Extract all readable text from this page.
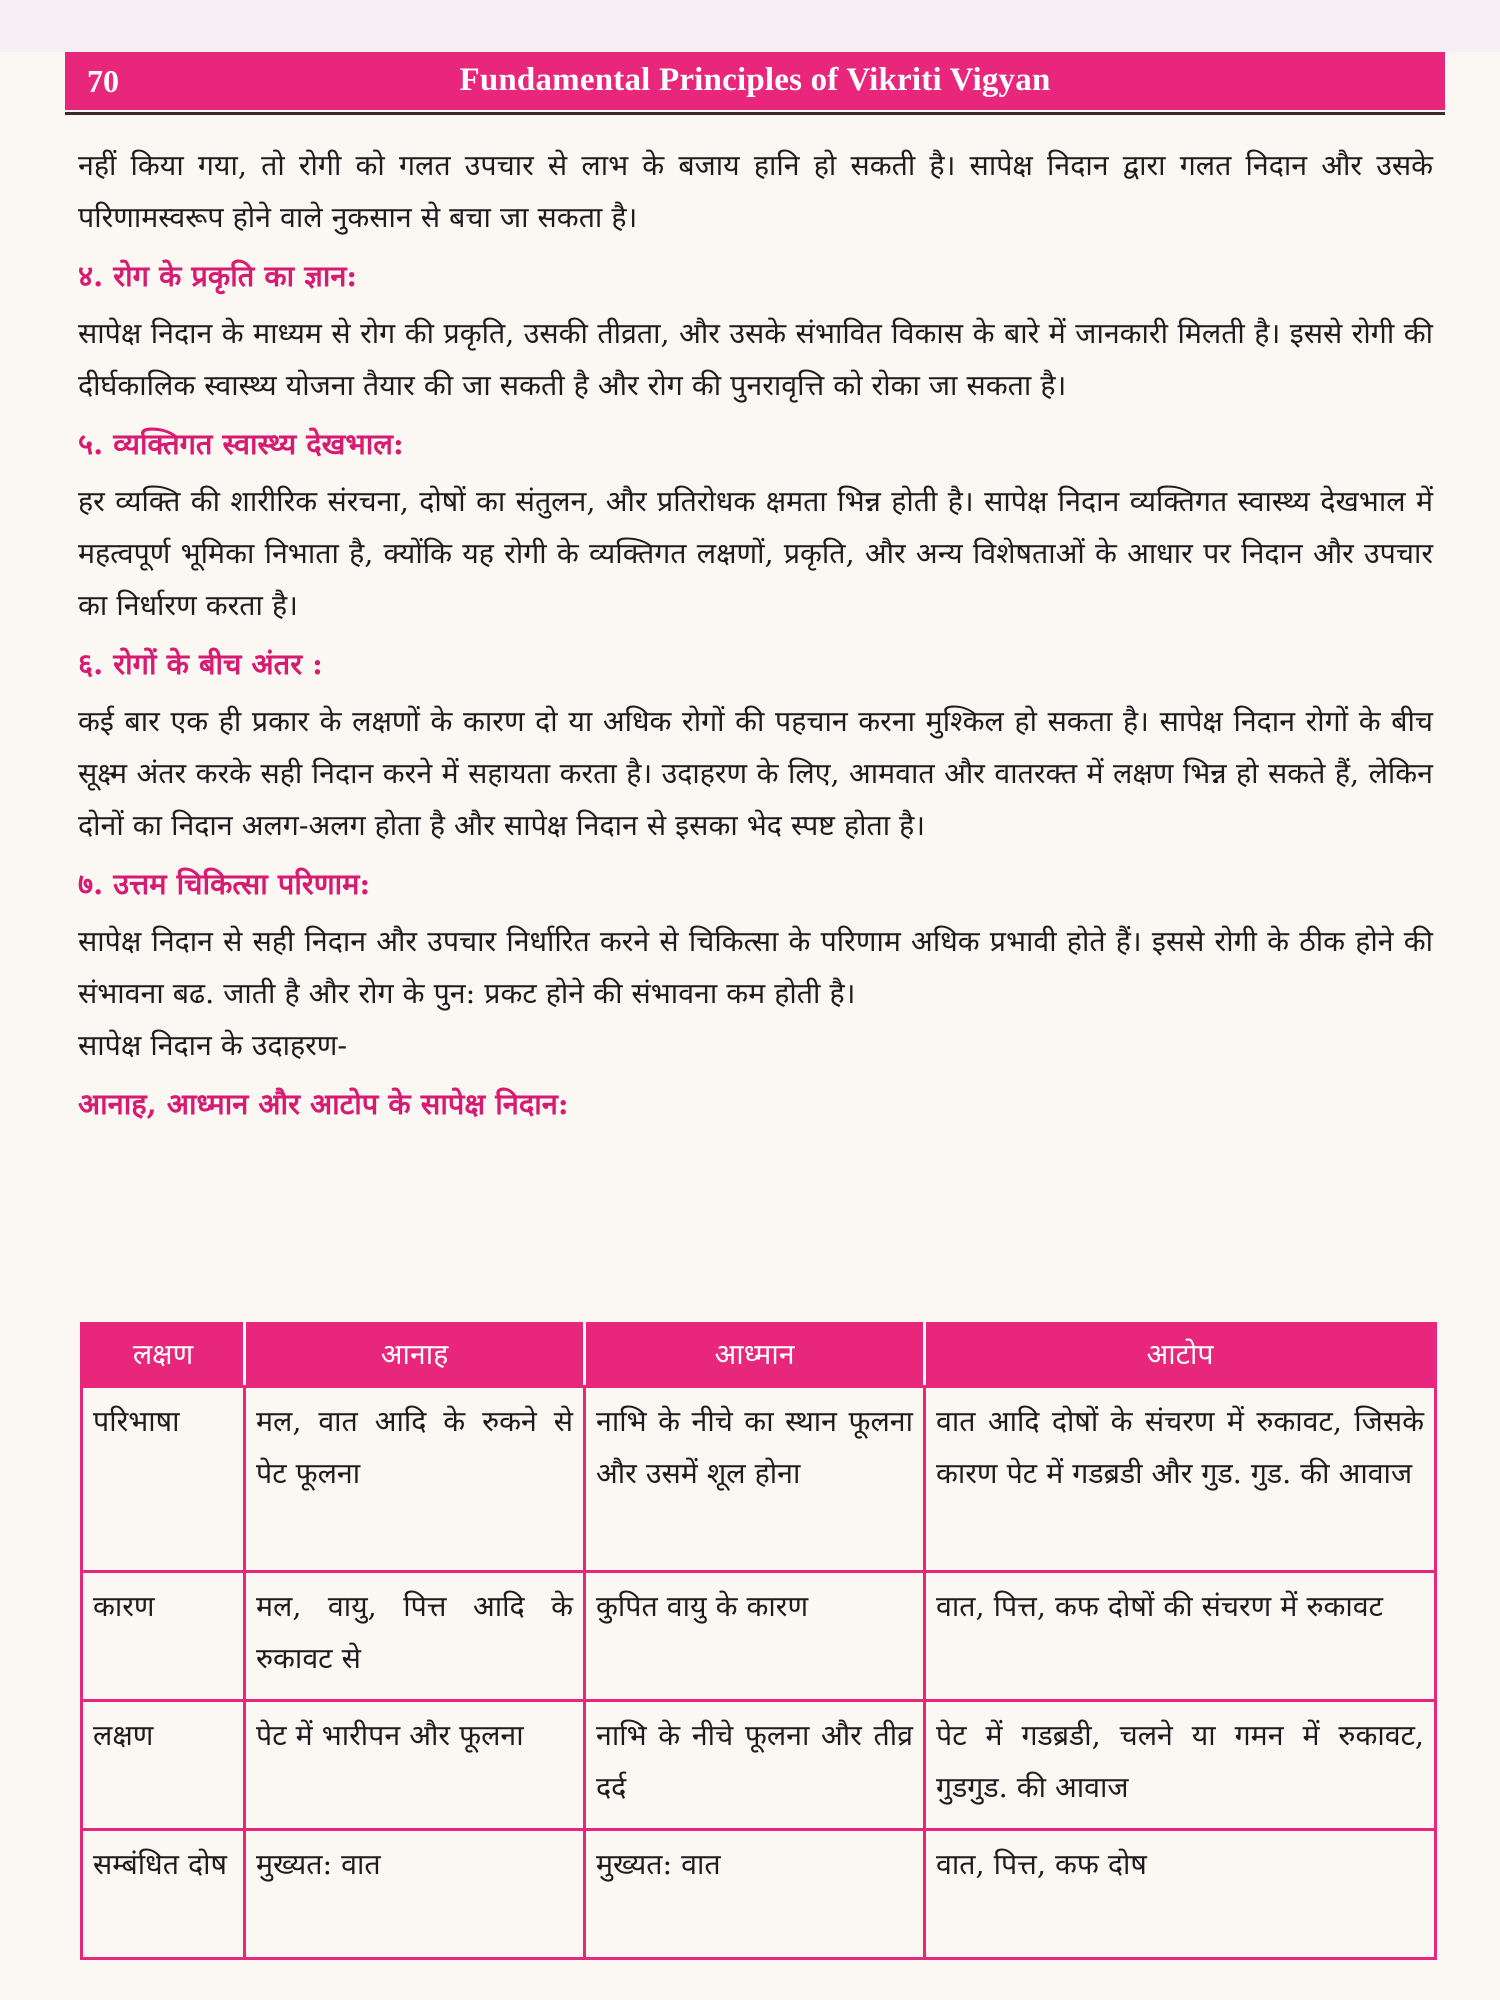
70	Fundamental Principles of Vikriti Vigyan

नहीं किया गया, तो रोगी को गलत उपचार से लाभ के बजाय हानि हो सकती है। सापेक्ष निदान द्वारा गलत निदान और उसके परिणामस्वरूप होने वाले नुकसान से बचा जा सकता है।

४. रोग के प्रकृति का ज्ञान:

सापेक्ष निदान के माध्यम से रोग की प्रकृति, उसकी तीव्रता, और उसके संभावित विकास के बारे में जानकारी मिलती है। इससे रोगी की दीर्घकालिक स्वास्थ्य योजना तैयार की जा सकती है और रोग की पुनरावृत्ति को रोका जा सकता है।

५. व्यक्तिगत स्वास्थ्य देखभाल:

हर व्यक्ति की शारीरिक संरचना, दोषों का संतुलन, और प्रतिरोधक क्षमता भिन्न होती है। सापेक्ष निदान व्यक्तिगत स्वास्थ्य देखभाल में महत्वपूर्ण भूमिका निभाता है, क्योंकि यह रोगी के व्यक्तिगत लक्षणों, प्रकृति, और अन्य विशेषताओं के आधार पर निदान और उपचार का निर्धारण करता है।

६. रोगों के बीच अंतर :

कई बार एक ही प्रकार के लक्षणों के कारण दो या अधिक रोगों की पहचान करना मुश्किल हो सकता है। सापेक्ष निदान रोगों के बीच सूक्ष्म अंतर करके सही निदान करने में सहायता करता है। उदाहरण के लिए, आमवात और वातरक्त में लक्षण भिन्न हो सकते हैं, लेकिन दोनों का निदान अलग-अलग होता है और सापेक्ष निदान से इसका भेद स्पष्ट होता है।

७. उत्तम चिकित्सा परिणाम:

सापेक्ष निदान से सही निदान और उपचार निर्धारित करने से चिकित्सा के परिणाम अधिक प्रभावी होते हैं। इससे रोगी के ठीक होने की संभावना बढ. जाती है और रोग के पुन: प्रकट होने की संभावना कम होती है।

सापेक्ष निदान के उदाहरण-

आनाह, आध्मान और आटोप के सापेक्ष निदान:
लक्षण	आनाह	आध्मान	आटोप
परिभाषा	मल, वात आदि के रुकने से पेट फूलना	नाभि के नीचे का स्थान फूलना और उसमें शूल होना	वात आदि दोषों के संचरण में रुकावट, जिसके कारण पेट में गडब्रडी और गुड. गुड. की आवाज
कारण	मल, वायु, पित्त आदि के रुकावट से	कुपित वायु के कारण	वात, पित्त, कफ दोषों की संचरण में रुकावट
लक्षण	पेट में भारीपन और फूलना	नाभि के नीचे फूलना और तीव्र दर्द	पेट में गडब्रडी, चलने या गमन में रुकावट, गुडगुड. की आवाज
सम्बंधित दोष	मुख्यत: वात	मुख्यत: वात	वात, पित्त, कफ दोष
